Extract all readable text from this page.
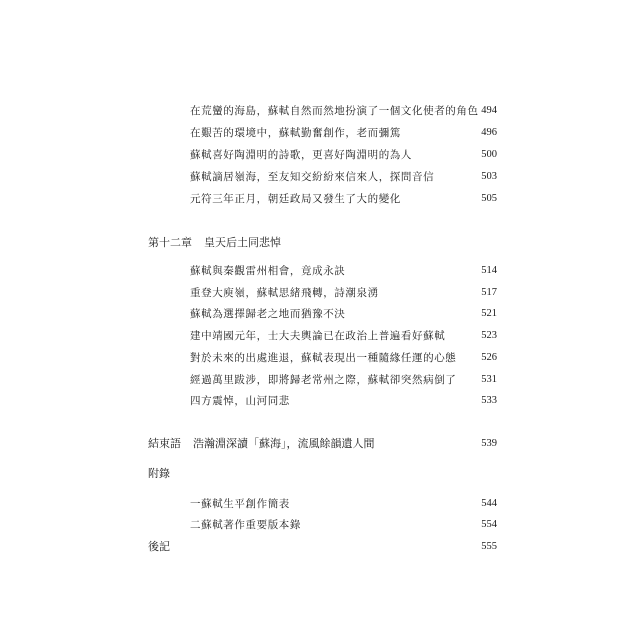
在荒蠻的海島，蘇軾自然而然地扮演了一個文化使者的角色 494
在艱苦的環境中，蘇軾勤奮創作，老而彌篤	496
蘇軾喜好陶淵明的詩歌，更喜好陶淵明的為人	500
蘇軾謫居嶺海，至友知交紛紛來信來人，探問音信	503
元符三年正月，朝廷政局又發生了大的變化	505
第十二章 皇天后土同悲悼
蘇軾與秦觀雷州相會，竟成永訣	514
重登大庾嶺，蘇軾思緒飛轉，詩潮泉湧	517
蘇軾為選擇歸老之地而猶豫不決	521
建中靖國元年，士大夫輿論已在政治上普遍看好蘇軾	523
對於未來的出處進退，蘇軾表現出一種隨緣任運的心態	526
經過萬里跋涉，即將歸老常州之際，蘇軾卻突然病倒了	531
四方震悼，山河同悲	533
結束語 浩瀚淵深讀「蘇海」，流風餘韻遺人間	539
附錄
一蘇軾生平創作簡表	544
二蘇軾著作重要版本錄	554
後記	555
